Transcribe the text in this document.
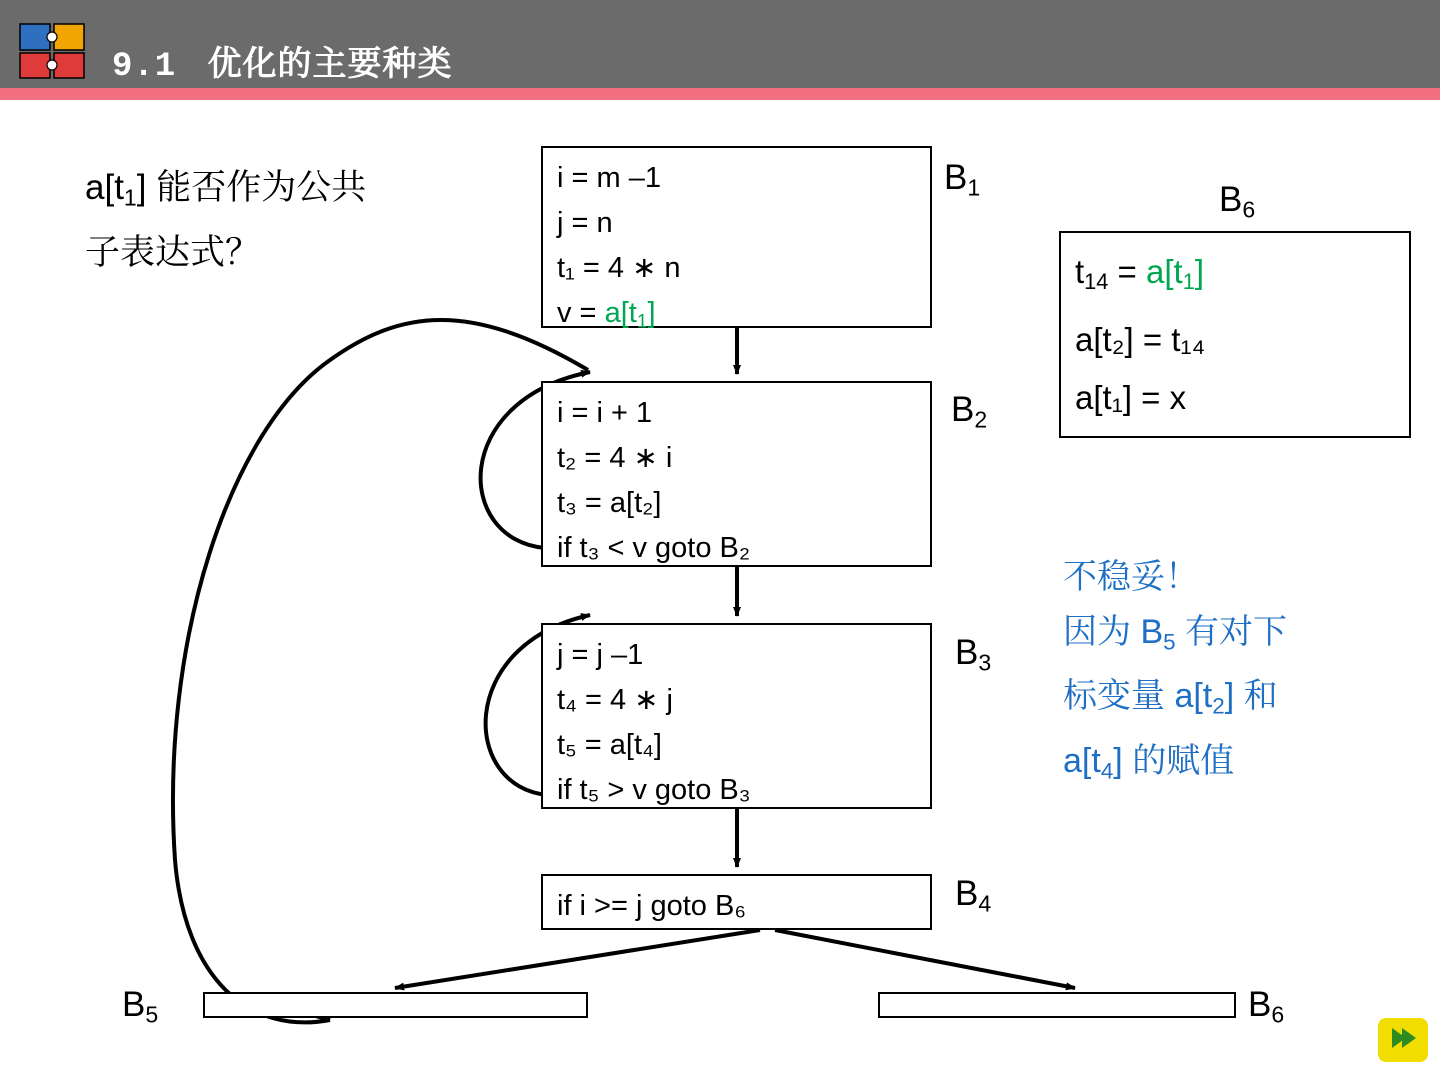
9.1 优化的主要种类
$a[t_1]$ 能否作为公共
子表达式？
i = m –1
j = n
t₁ = 4 ∗ n
$v = a[t_1]$
$B_1$
i = i + 1
t₂ = 4 ∗ i
t₃ = a[t₂]
if t₃ < v goto B₂
$B_2$
j = j –1
t₄ = 4 ∗ j
t₅ = a[t₄]
if t₅ > v goto B₃
$B_3$
if i >= j goto B₆	$B_4$
$B_5$	$B_6$
$B_6$
$t_{14} = a[t_1]$
a[t₂] = t₁₄
a[t₁] = x
不稳妥！
因为 $B_5$ 有对下
标变量 $a[t_2]$ 和
$a[t_4]$ 的赋值
